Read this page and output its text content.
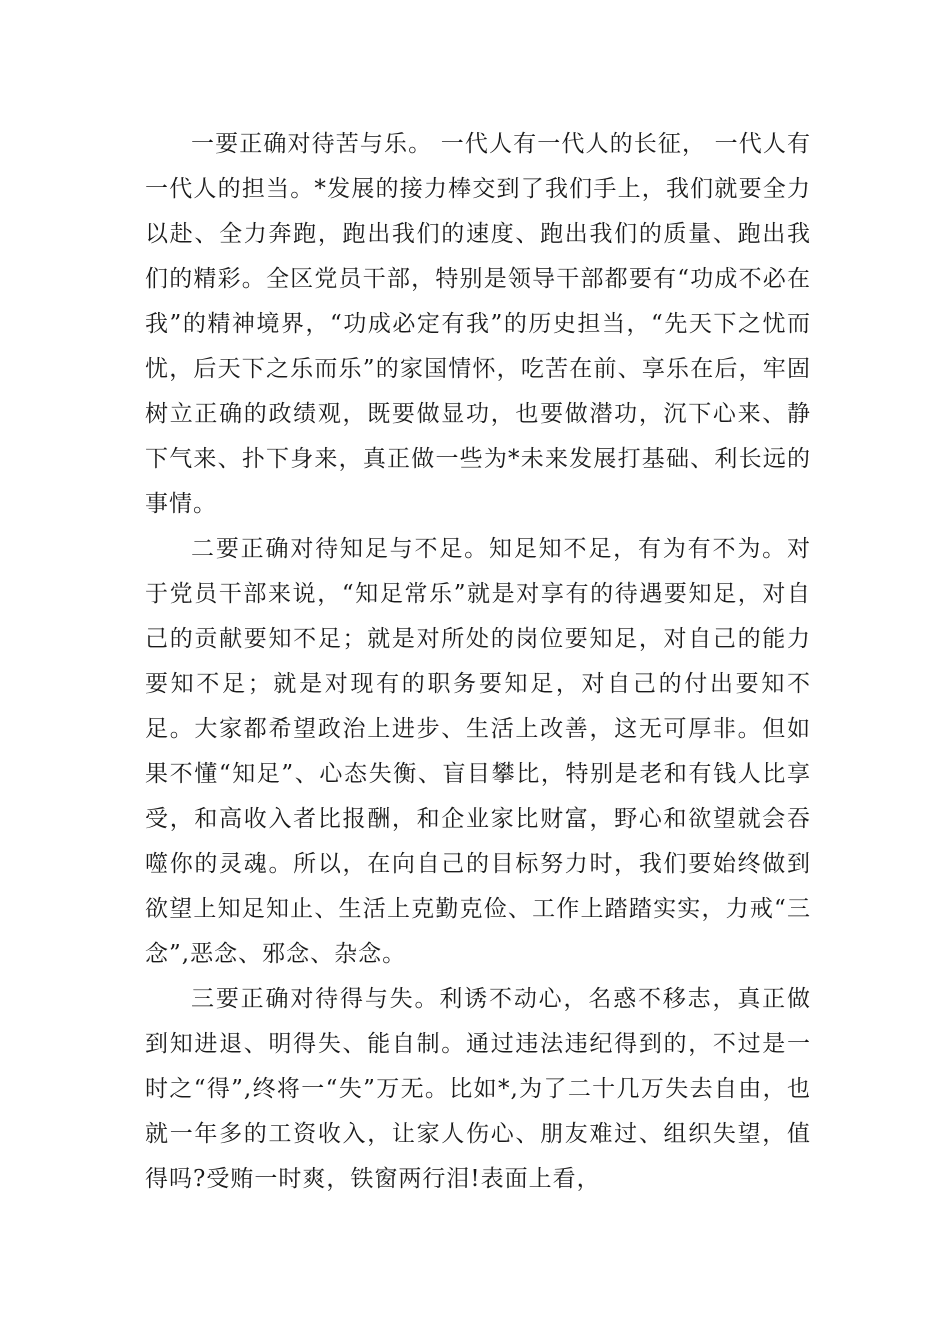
一要正确对待苦与乐。 一代人有一代人的长征， 一代人有一代人的担当。*发展的接力棒交到了我们手上，我们就要全力以赴、全力奔跑，跑出我们的速度、跑出我们的质量、跑出我们的精彩。全区党员干部，特别是领导干部都要有“功成不必在我”的精神境界，“功成必定有我”的历史担当，“先天下之忧而忧，后天下之乐而乐”的家国情怀，吃苦在前、享乐在后，牢固树立正确的政绩观，既要做显功，也要做潜功，沉下心来、静下气来、扑下身来，真正做一些为*未来发展打基础、利长远的事情。

二要正确对待知足与不足。知足知不足，有为有不为。对于党员干部来说，“知足常乐”就是对享有的待遇要知足，对自己的贡献要知不足；就是对所处的岗位要知足，对自己的能力要知不足；就是对现有的职务要知足，对自己的付出要知不足。大家都希望政治上进步、生活上改善，这无可厚非。但如果不懂“知足”、心态失衡、盲目攀比，特别是老和有钱人比享受，和高收入者比报酬，和企业家比财富，野心和欲望就会吞噬你的灵魂。所以，在向自己的目标努力时，我们要始终做到欲望上知足知止、生活上克勤克俭、工作上踏踏实实，力戒“三念”,恶念、邪念、杂念。

三要正确对待得与失。利诱不动心，名惑不移志，真正做到知进退、明得失、能自制。通过违法违纪得到的，不过是一时之“得”,终将一“失”万无。比如*,为了二十几万失去自由，也就一年多的工资收入，让家人伤心、朋友难过、组织失望，值得吗?受贿一时爽，铁窗两行泪!表面上看，
